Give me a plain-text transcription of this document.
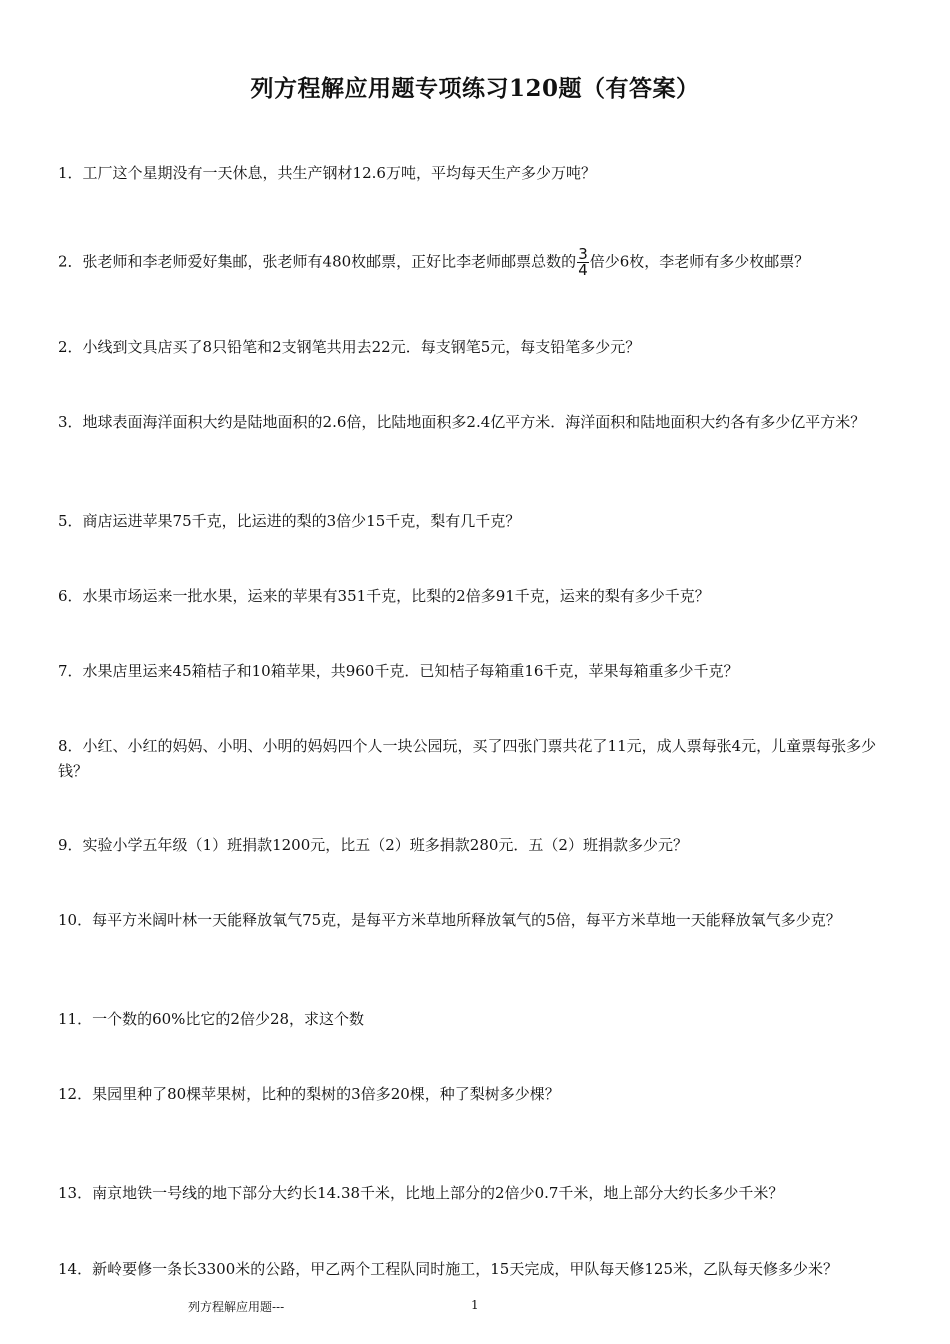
列方程解应用题专项练习120题（有答案）
1．工厂这个星期没有一天休息，共生产钢材12.6万吨，平均每天生产多少万吨？
2．张老师和李老师爱好集邮，张老师有480枚邮票，正好比李老师邮票总数的 $\frac{3}{4}$ 倍少6枚，李老师有多少枚邮票？
2．小线到文具店买了8只铅笔和2支钢笔共用去22元．每支钢笔5元，每支铅笔多少元？
3．地球表面海洋面积大约是陆地面积的2.6倍，比陆地面积多2.4亿平方米．海洋面积和陆地面积大约各有多少亿平方米？
5．商店运进苹果75千克，比运进的梨的3倍少15千克，梨有几千克？
6．水果市场运来一批水果，运来的苹果有351千克，比梨的2倍多91千克，运来的梨有多少千克？
7．水果店里运来45箱桔子和10箱苹果，共960千克．已知桔子每箱重16千克，苹果每箱重多少千克？
8．小红、小红的妈妈、小明、小明的妈妈四个人一块公园玩，买了四张门票共花了11元，成人票每张4元，儿童票每张多少钱？
9．实验小学五年级（1）班捐款1200元，比五（2）班多捐款280元．五（2）班捐款多少元？
10．每平方米阔叶林一天能释放氧气75克，是每平方米草地所释放氧气的5倍，每平方米草地一天能释放氧气多少克？
11．一个数的60%比它的2倍少28，求这个数
12．果园里种了80棵苹果树，比种的梨树的3倍多20棵，种了梨树多少棵？
13．南京地铁一号线的地下部分大约长14.38千米，比地上部分的2倍少0.7千米，地上部分大约长多少千米？
14．新岭要修一条长3300米的公路，甲乙两个工程队同时施工，15天完成，甲队每天修125米，乙队每天修多少米？
列方程解应用题---	1
